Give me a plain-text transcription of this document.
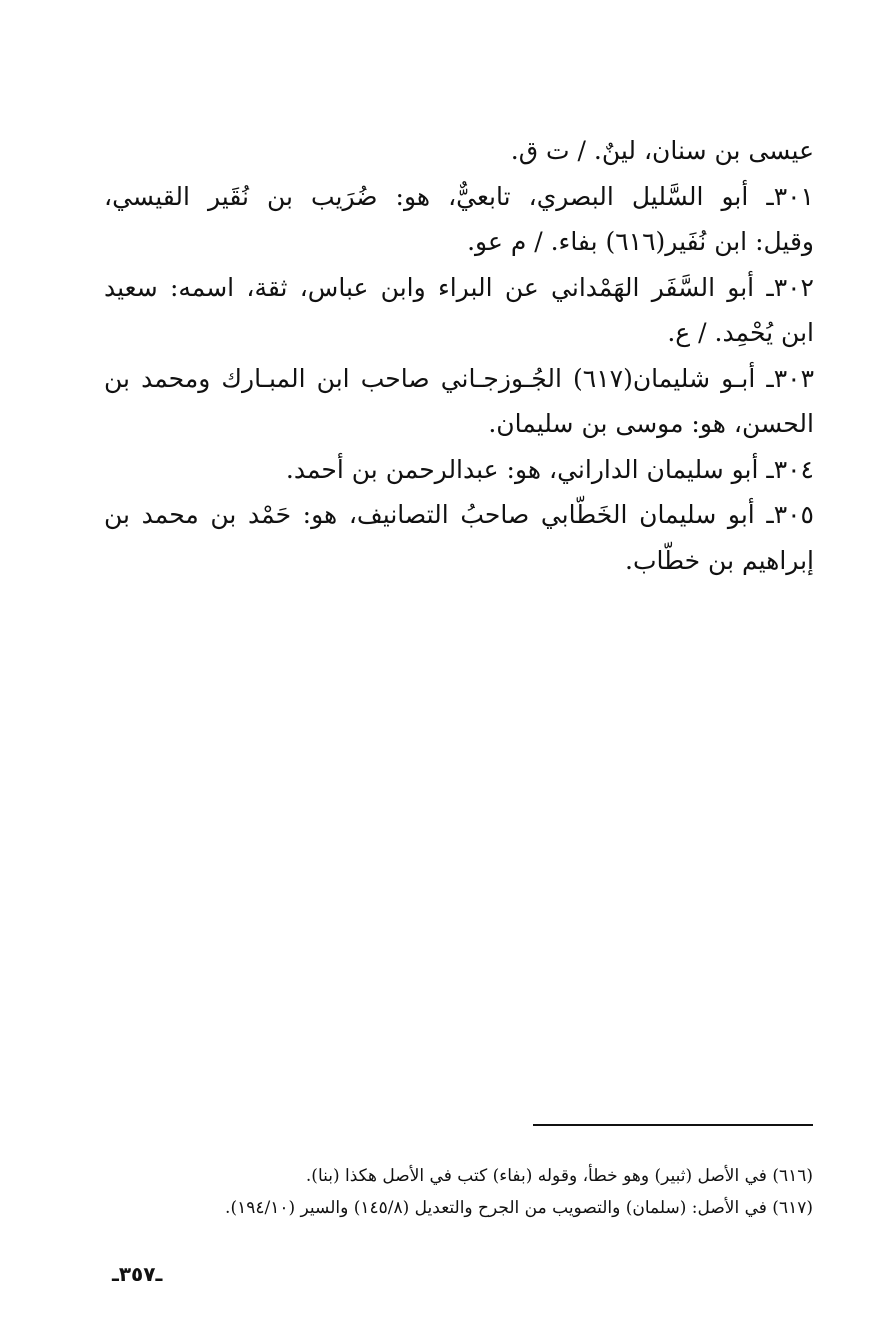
عيسى بن سنان، لينٌ. / ت ق.
٣٠١ـ أبو السَّليل البصري، تابعيٌّ، هو: ضُرَيب بن نُقَير القيسي،
وقيل: ابن نُفَير(٦١٦) بفاء. / م عو.
٣٠٢ـ أبو السَّفَر الهَمْداني عن البراء وابن عباس، ثقة، اسمه: سعيد
ابن يُحْمِد. / ع.
٣٠٣ـ أبـو شليمان(٦١٧) الجُـوزجـاني صاحب ابن المبـارك ومحمد بن
الحسن، هو: موسى بن سليمان.
٣٠٤ـ أبو سليمان الداراني، هو: عبدالرحمن بن أحمد.
٣٠٥ـ أبو سليمان الخَطّابي صاحبُ التصانيف، هو: حَمْد بن محمد بن
إبراهيم بن خطّاب.
(٦١٦) في الأصل (ثبير) وهو خطأ، وقوله (بفاء) كتب في الأصل هكذا (بنا).
(٦١٧) في الأصل: (سلمان) والتصويب من الجرح والتعديل (١٤٥/٨) والسير (١٩٤/١٠).
ـ٣٥٧ـ
